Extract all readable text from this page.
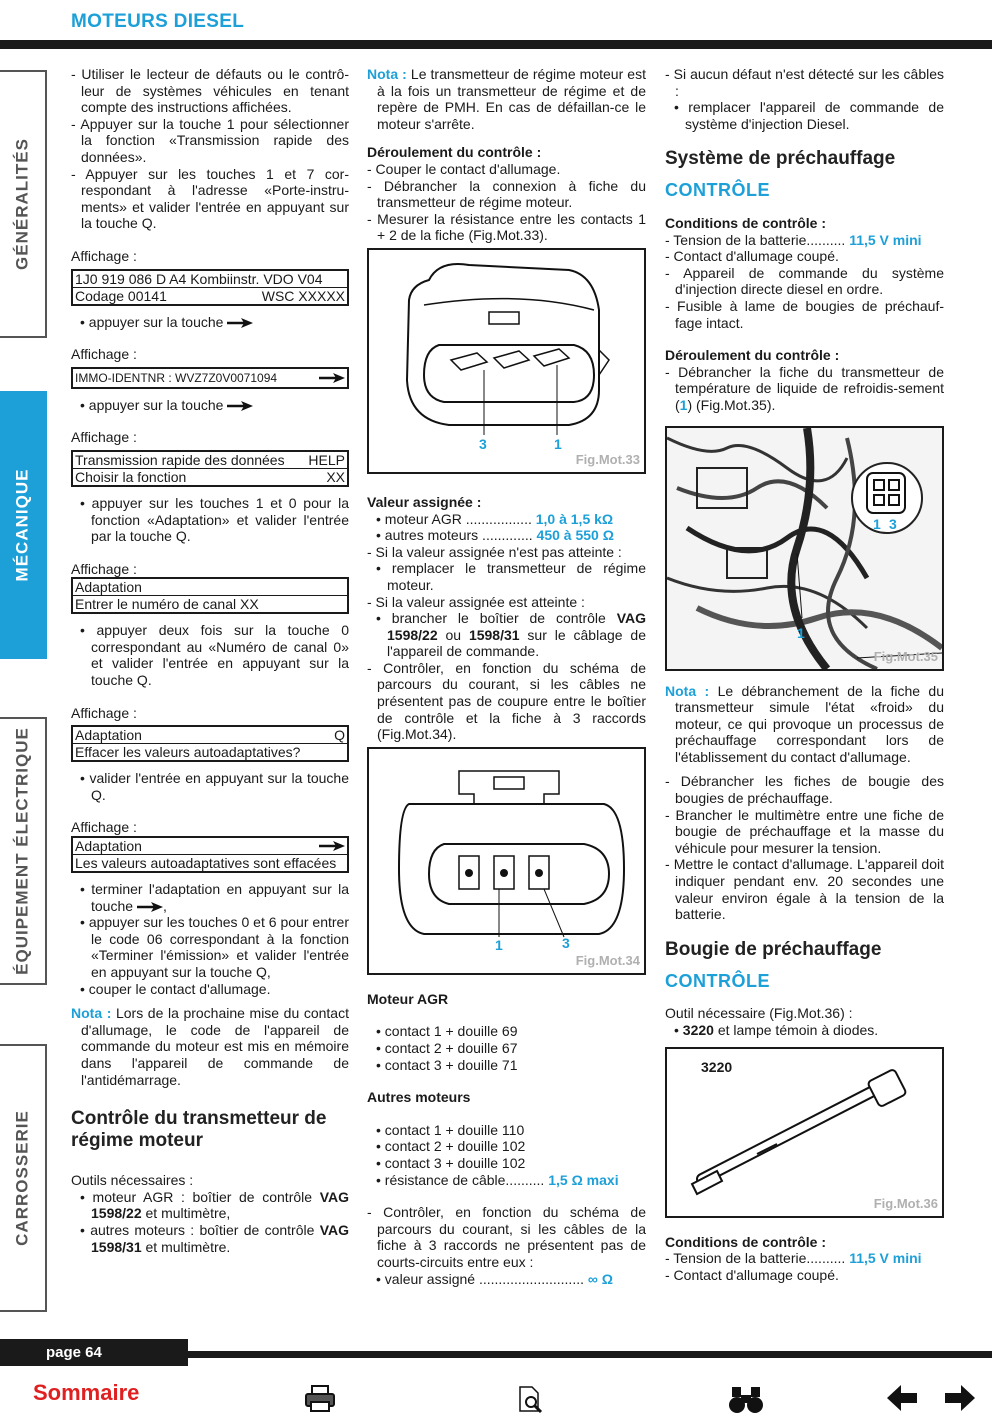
MOTEURS DIESEL
GÉNÉRALITÉS
MÉCANIQUE
ÉQUIPEMENT ÉLECTRIQUE
CARROSSERIE
- Utiliser le lecteur de défauts ou le contrô-leur de systèmes véhicules en tenant compte des instructions affichées.
- Appuyer sur la touche 1 pour sélectionner la fonction «Transmission rapide des données».
- Appuyer sur les touches 1 et 7 cor-respondant à l'adresse «Porte-instru-ments» et valider l'entrée en appuyant sur la touche Q.
Affichage :
1J0 919 086 D A4 Kombiinstr. VDO V04
Codage 00141	WSC XXXXX
• appuyer sur la touche
Affichage :
IMMO-IDENTNR : WVZ7Z0V0071094
• appuyer sur la touche
Affichage :
Transmission rapide des données HELP
Choisir la fonction	XX
• appuyer sur les touches 1 et 0 pour la fonction «Adaptation» et valider l'entrée par la touche Q.
Affichage :
Adaptation
Entrer le numéro de canal XX
• appuyer deux fois sur la touche 0 correspondant au «Numéro de canal 0» et valider l'entrée en appuyant sur la touche Q.
Affichage :
Adaptation	Q
Effacer les valeurs autoadaptatives?
• valider l'entrée en appuyant sur la touche Q.
Affichage :
Adaptation
Les valeurs autoadaptatives sont effacées
• terminer l'adaptation en appuyant sur la touche ,
• appuyer sur les touches 0 et 6 pour entrer le code 06 correspondant à la fonction «Terminer l'émission» et valider l'entrée en appuyant sur la touche Q,
• couper le contact d'allumage.
Nota : Lors de la prochaine mise du contact d'allumage, le code de l'appareil de commande du moteur est mis en mémoire dans l'appareil de commande de l'antidémarrage.
Contrôle du transmetteur de régime moteur
Outils nécessaires :
• moteur AGR : boîtier de contrôle VAG 1598/22 et multimètre,
• autres moteurs : boîtier de contrôle VAG 1598/31 et multimètre.
Nota : Le transmetteur de régime moteur est à la fois un transmetteur de régime et de repère de PMH. En cas de défaillan-ce le moteur s'arrête.
Déroulement du contrôle :
- Couper le contact d'allumage.
- Débrancher la connexion à fiche du transmetteur de régime moteur.
- Mesurer la résistance entre les contacts 1 + 2 de la fiche (Fig.Mot.33).
3	1
Fig.Mot.33
Valeur assignée :
• moteur AGR ................. 1,0 à 1,5 kΩ
• autres moteurs ............. 450 à 550 Ω
- Si la valeur assignée n'est pas atteinte :
• remplacer le transmetteur de régime moteur.
- Si la valeur assignée est atteinte :
• brancher le boîtier de contrôle VAG 1598/22 ou 1598/31 sur le câblage de l'appareil de commande.
- Contrôler, en fonction du schéma de parcours du courant, si les câbles ne présentent pas de coupure entre le boîtier de contrôle et la fiche à 3 raccords (Fig.Mot.34).
1	3
Fig.Mot.34
Moteur AGR
• contact 1 + douille 69
• contact 2 + douille 67
• contact 3 + douille 71
Autres moteurs
• contact 1 + douille 110
• contact 2 + douille 102
• contact 3 + douille 102
• résistance de câble.......... 1,5 Ω maxi
- Contrôler, en fonction du schéma de parcours du courant, si les câbles de la fiche à 3 raccords ne présentent pas de courts-circuits entre eux :
• valeur assigné ........................... ∞ Ω
- Si aucun défaut n'est détecté sur les câbles :
• remplacer l'appareil de commande de système d'injection Diesel.
Système de préchauffage
CONTRÔLE
Conditions de contrôle :
- Tension de la batterie.......... 11,5 V mini
- Contact d'allumage coupé.
- Appareil de commande du système d'injection directe diesel en ordre.
- Fusible à lame de bougies de préchauf-fage intact.
Déroulement du contrôle :
- Débrancher la fiche du transmetteur de température de liquide de refroidis-sement (1) (Fig.Mot.35).
3
1
1
Fig.Mot.35
Nota : Le débranchement de la fiche du transmetteur simule l'état «froid» du moteur, ce qui provoque un processus de préchauffage correspondant lors de l'établissement du contact d'allumage.
- Débrancher les fiches de bougie des bougies de préchauffage.
- Brancher le multimètre entre une fiche de bougie de préchauffage et la masse du véhicule pour mesurer la tension.
- Mettre le contact d'allumage. L'appareil doit indiquer pendant env. 20 secondes une valeur environ égale à la tension de la batterie.
Bougie de préchauffage
CONTRÔLE
Outil nécessaire (Fig.Mot.36) :
• 3220 et lampe témoin à diodes.
3220
Fig.Mot.36
Conditions de contrôle :
- Tension de la batterie.......... 11,5 V mini
- Contact d'allumage coupé.
page 64
Sommaire
